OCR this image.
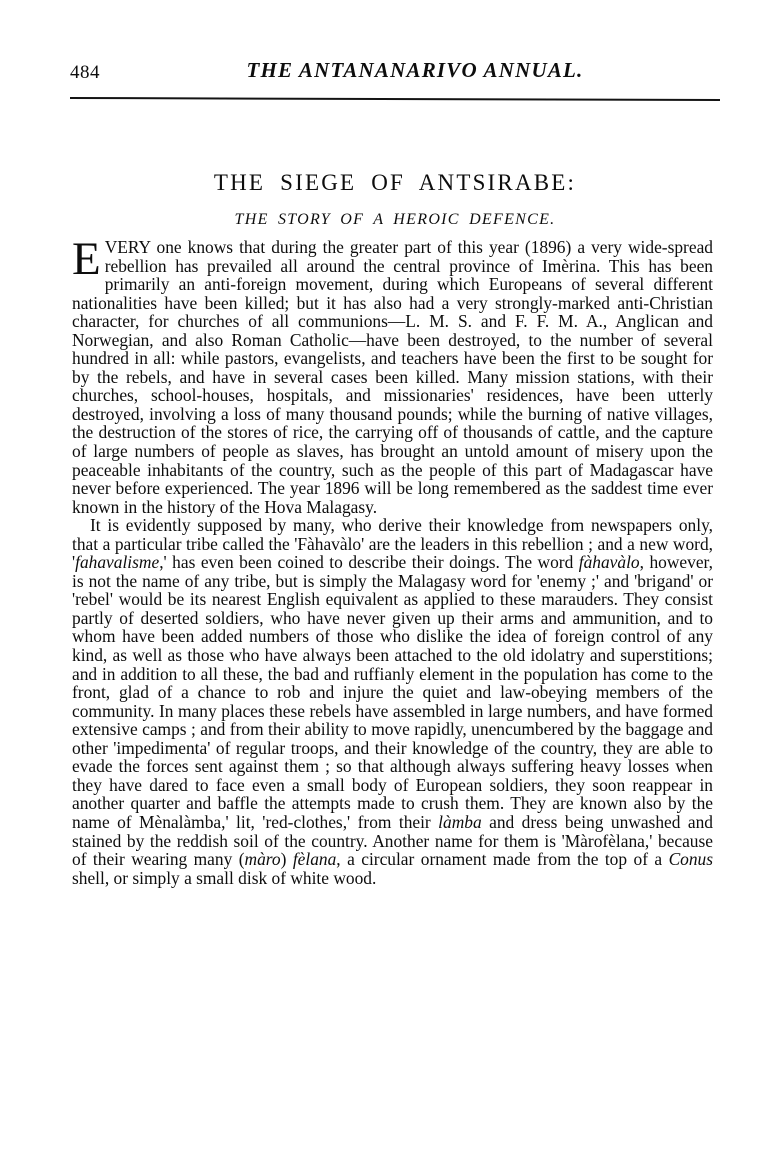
484	THE ANTANANARIVO ANNUAL.
THE SIEGE OF ANTSIRABE:
THE STORY OF A HEROIC DEFENCE.

EVERY one knows that during the greater part of this year (1896) a very wide-spread rebellion has prevailed all around the central province of Imèrina. This has been primarily an anti-foreign movement, during which Europeans of several different nationalities have been killed; but it has also had a very strongly-marked anti-Christian character, for churches of all communions—L. M. S. and F. F. M. A., Anglican and Norwegian, and also Roman Catholic—have been destroyed, to the number of several hundred in all: while pastors, evangelists, and teachers have been the first to be sought for by the rebels, and have in several cases been killed. Many mission stations, with their churches, school-houses, hospitals, and missionaries' residences, have been utterly destroyed, involving a loss of many thousand pounds; while the burning of native villages, the destruction of the stores of rice, the carrying off of thousands of cattle, and the capture of large numbers of people as slaves, has brought an untold amount of misery upon the peaceable inhabitants of the country, such as the people of this part of Madagascar have never before experienced. The year 1896 will be long remembered as the saddest time ever known in the history of the Hova Malagasy.

It is evidently supposed by many, who derive their knowledge from newspapers only, that a particular tribe called the 'Fàhavàlo' are the leaders in this rebellion ; and a new word, 'fahavalisme,' has even been coined to describe their doings. The word fàhavàlo, however, is not the name of any tribe, but is simply the Malagasy word for 'enemy ;' and 'brigand' or 'rebel' would be its nearest English equivalent as applied to these marauders. They consist partly of deserted soldiers, who have never given up their arms and ammunition, and to whom have been added numbers of those who dislike the idea of foreign control of any kind, as well as those who have always been attached to the old idolatry and superstitions; and in addition to all these, the bad and ruffianly element in the population has come to the front, glad of a chance to rob and injure the quiet and law-obeying members of the community. In many places these rebels have assembled in large numbers, and have formed extensive camps ; and from their ability to move rapidly, unencumbered by the baggage and other 'impedimenta' of regular troops, and their knowledge of the country, they are able to evade the forces sent against them ; so that although always suffering heavy losses when they have dared to face even a small body of European soldiers, they soon reappear in another quarter and baffle the attempts made to crush them. They are known also by the name of Mènalàmba,' lit, 'red-clothes,' from their làmba and dress being unwashed and stained by the reddish soil of the country. Another name for them is 'Màrofèlana,' because of their wearing many (màro) fèlana, a circular ornament made from the top of a Conus shell, or simply a small disk of white wood.
